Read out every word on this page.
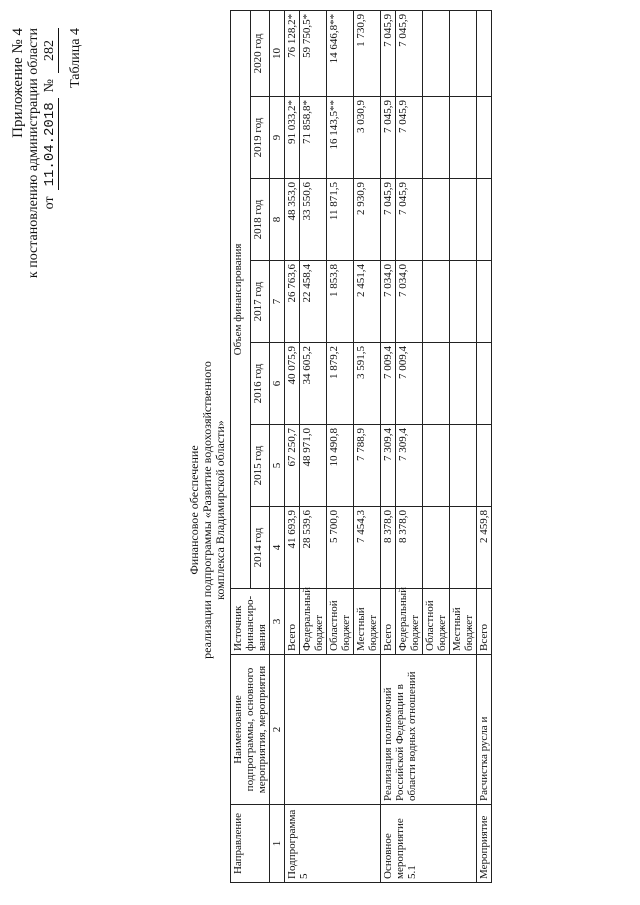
Приложение № 4 к постановлению администрации области от
11.04.2018
№
282 Таблица 4
Финансовое обеспечение реализации подпрограммы «Развитие водохозяйственного комплекса Владимирской области»
Направление	Наименование подпрограммы, основного мероприятия, мероприятия	Источник финансиро-вания	Объем финансирования						
			2014 год	2015 год	2016 год	2017 год	2018 год	2019 год	2020 год
1	2	3	4	5	6	7	8	9	10
Подпрограмма 5		Всего	41 693,9	67 250,7	40 075,9	26 763,6	48 353,0	91 033,2*	76 128,2*
		Федеральный бюджет	28 539,6	48 971,0	34 605,2	22 458,4	33 550,6	71 858,8*	59 750,5*
		Областной бюджет	5 700,0	10 490,8	1 879,2	1 853,8	11 871,5	16 143,5**	14 646,8**
		Местный бюджет	7 454,3	7 788,9	3 591,5	2 451,4	2 930,9	3 030,9	1 730,9
Основное мероприятие 5.1	Реализация полномочий Российской Федерации в области водных отношений	Всего	8 378,0	7 309,4	7 009,4	7 034,0	7 045,9	7 045,9	7 045,9
		Федеральный бюджет	8 378,0	7 309,4	7 009,4	7 034,0	7 045,9	7 045,9	7 045,9
		Областной бюджет							
		Местный бюджет							
Мероприятие	Расчистка русла и	Всего	2 459,8						
